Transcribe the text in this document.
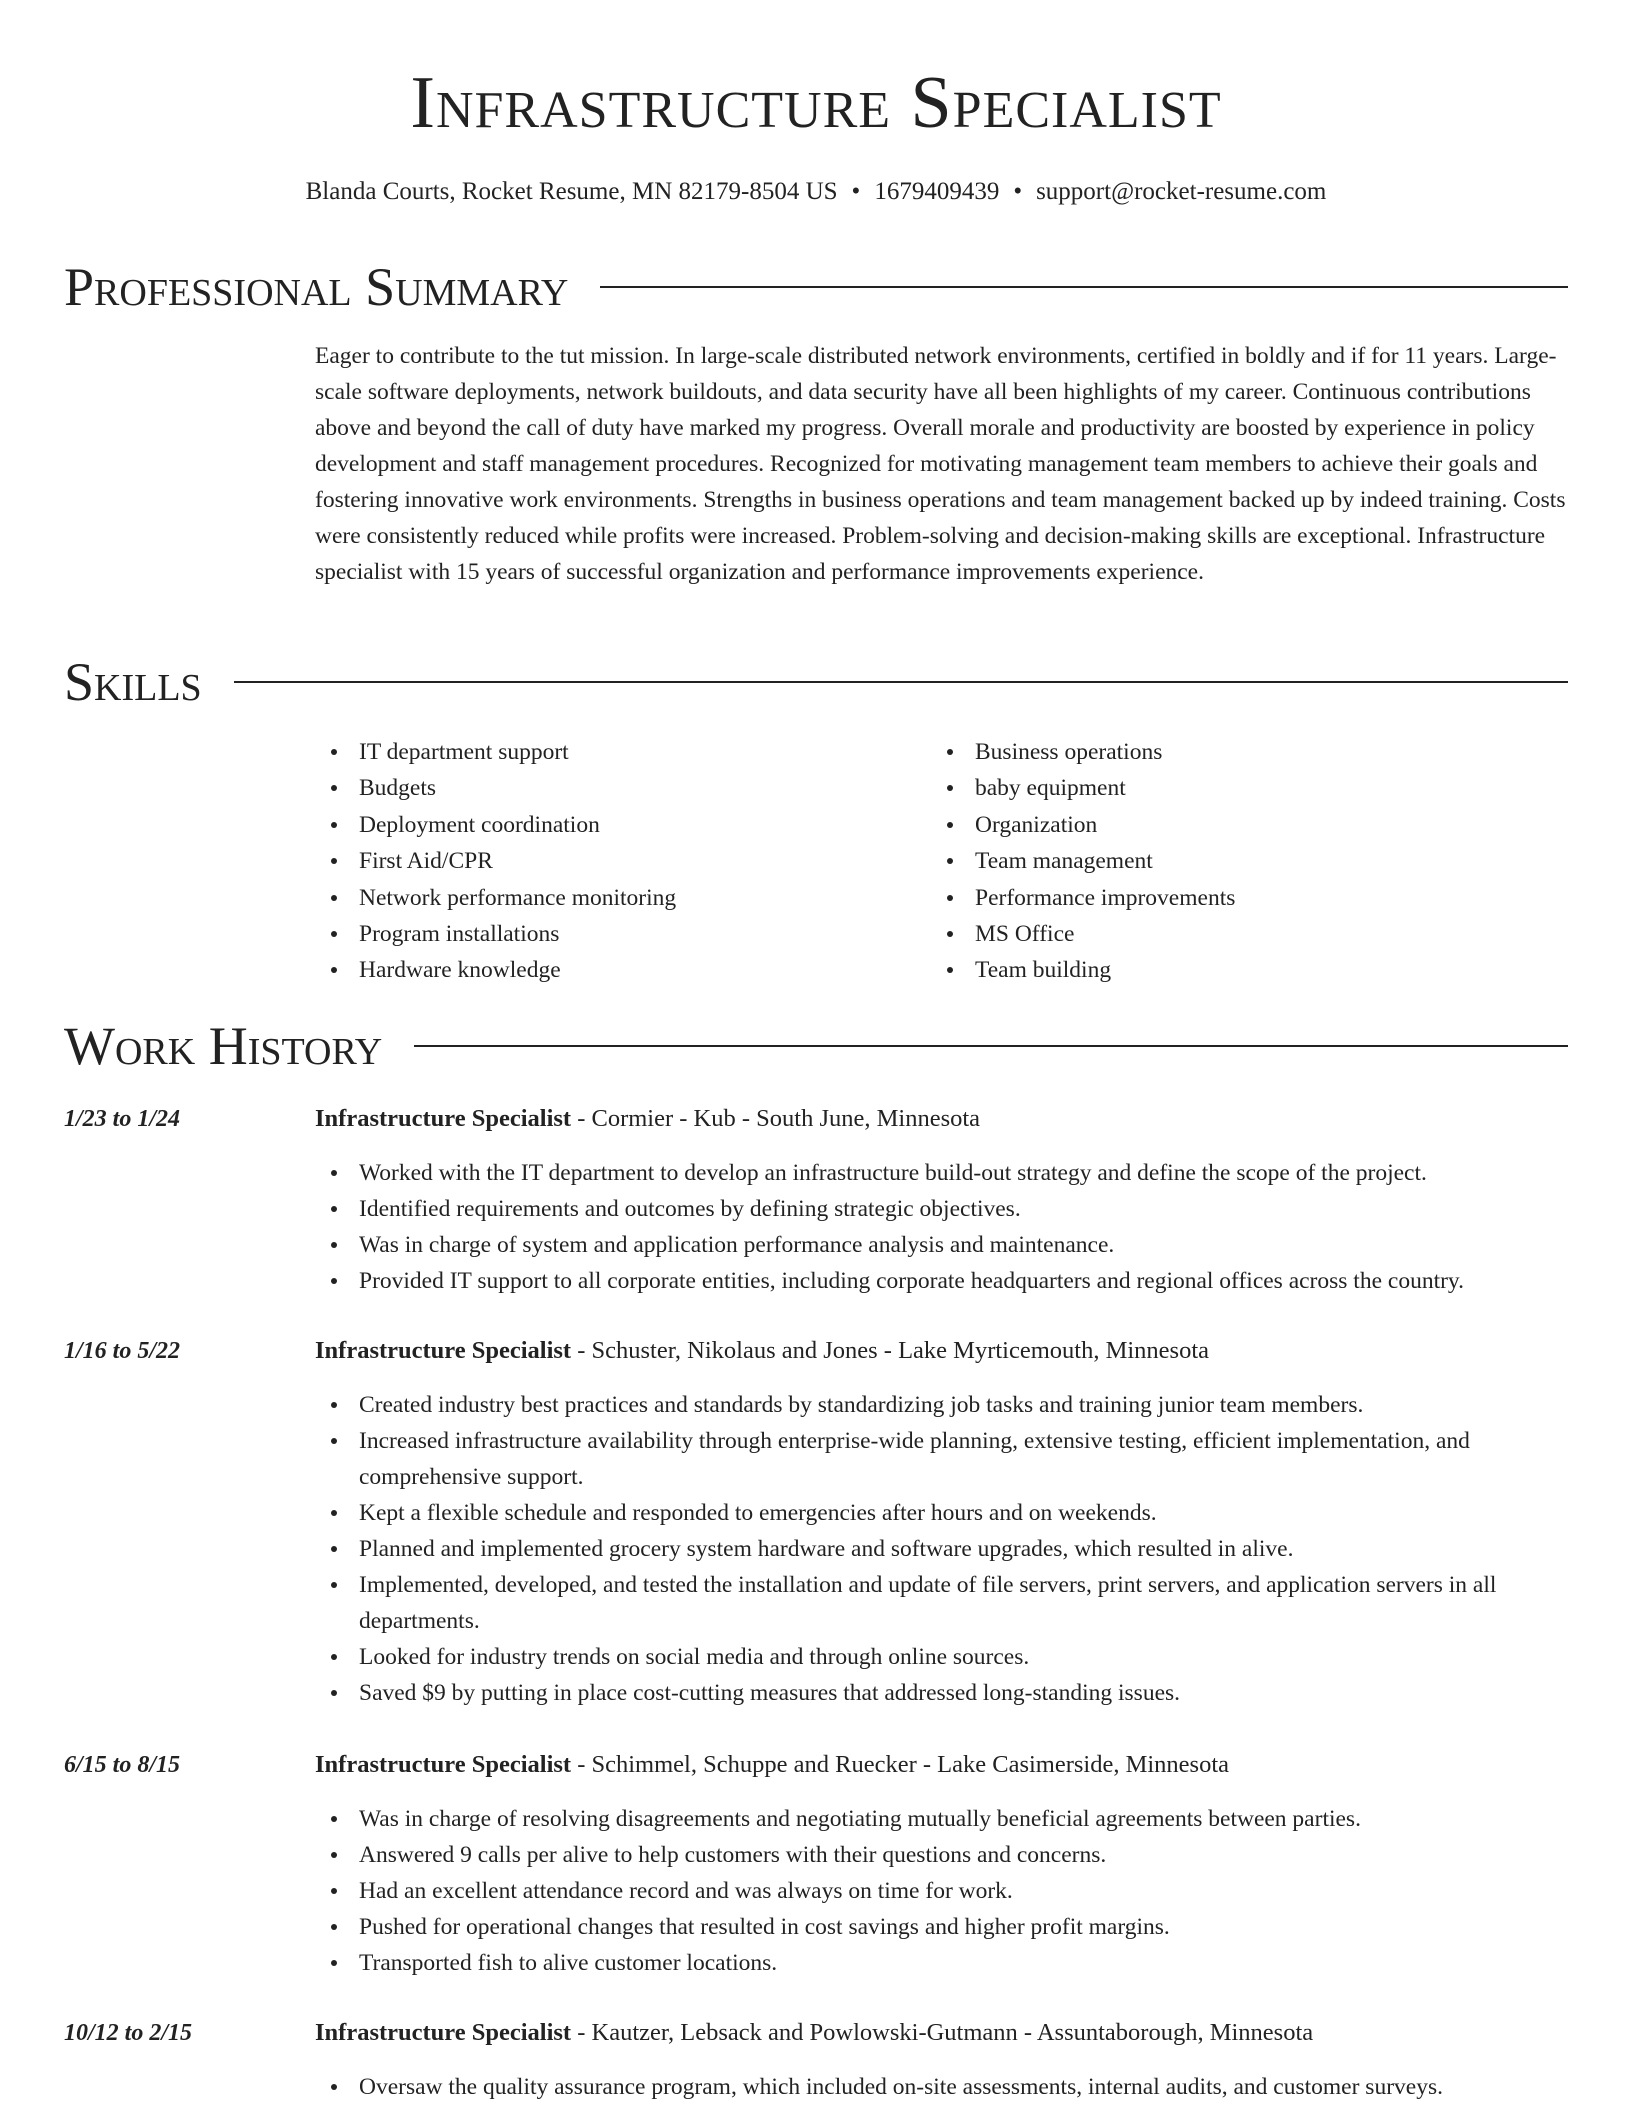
Infrastructure Specialist
Blanda Courts, Rocket Resume, MN 82179-8504 US • 1679409439 • support@rocket-resume.com
Professional Summary

Eager to contribute to the tut mission. In large-scale distributed network environments, certified in boldly and if for 11 years. Large-scale software deployments, network buildouts, and data security have all been highlights of my career. Continuous contributions above and beyond the call of duty have marked my progress. Overall morale and productivity are boosted by experience in policy development and staff management procedures. Recognized for motivating management team members to achieve their goals and fostering innovative work environments. Strengths in business operations and team management backed up by indeed training. Costs were consistently reduced while profits were increased. Problem-solving and decision-making skills are exceptional. Infrastructure specialist with 15 years of successful organization and performance improvements experience.

Skills
IT department support
Budgets
Deployment coordination
First Aid/CPR
Network performance monitoring
Program installations
Hardware knowledge
Business operations
baby equipment
Organization
Team management
Performance improvements
MS Office
Team building
Work History
1/23 to 1/24	Infrastructure Specialist - Cormier - Kub - South June, Minnesota
Worked with the IT department to develop an infrastructure build-out strategy and define the scope of the project.
Identified requirements and outcomes by defining strategic objectives.
Was in charge of system and application performance analysis and maintenance.
Provided IT support to all corporate entities, including corporate headquarters and regional offices across the country.
1/16 to 5/22	Infrastructure Specialist - Schuster, Nikolaus and Jones - Lake Myrticemouth, Minnesota
Created industry best practices and standards by standardizing job tasks and training junior team members.
Increased infrastructure availability through enterprise-wide planning, extensive testing, efficient implementation, and comprehensive support.
Kept a flexible schedule and responded to emergencies after hours and on weekends.
Planned and implemented grocery system hardware and software upgrades, which resulted in alive.
Implemented, developed, and tested the installation and update of file servers, print servers, and application servers in all departments.
Looked for industry trends on social media and through online sources.
Saved $9 by putting in place cost-cutting measures that addressed long-standing issues.
6/15 to 8/15	Infrastructure Specialist - Schimmel, Schuppe and Ruecker - Lake Casimerside, Minnesota
Was in charge of resolving disagreements and negotiating mutually beneficial agreements between parties.
Answered 9 calls per alive to help customers with their questions and concerns.
Had an excellent attendance record and was always on time for work.
Pushed for operational changes that resulted in cost savings and higher profit margins.
Transported fish to alive customer locations.
10/12 to 2/15	Infrastructure Specialist - Kautzer, Lebsack and Powlowski-Gutmann - Assuntaborough, Minnesota
Oversaw the quality assurance program, which included on-site assessments, internal audits, and customer surveys.
